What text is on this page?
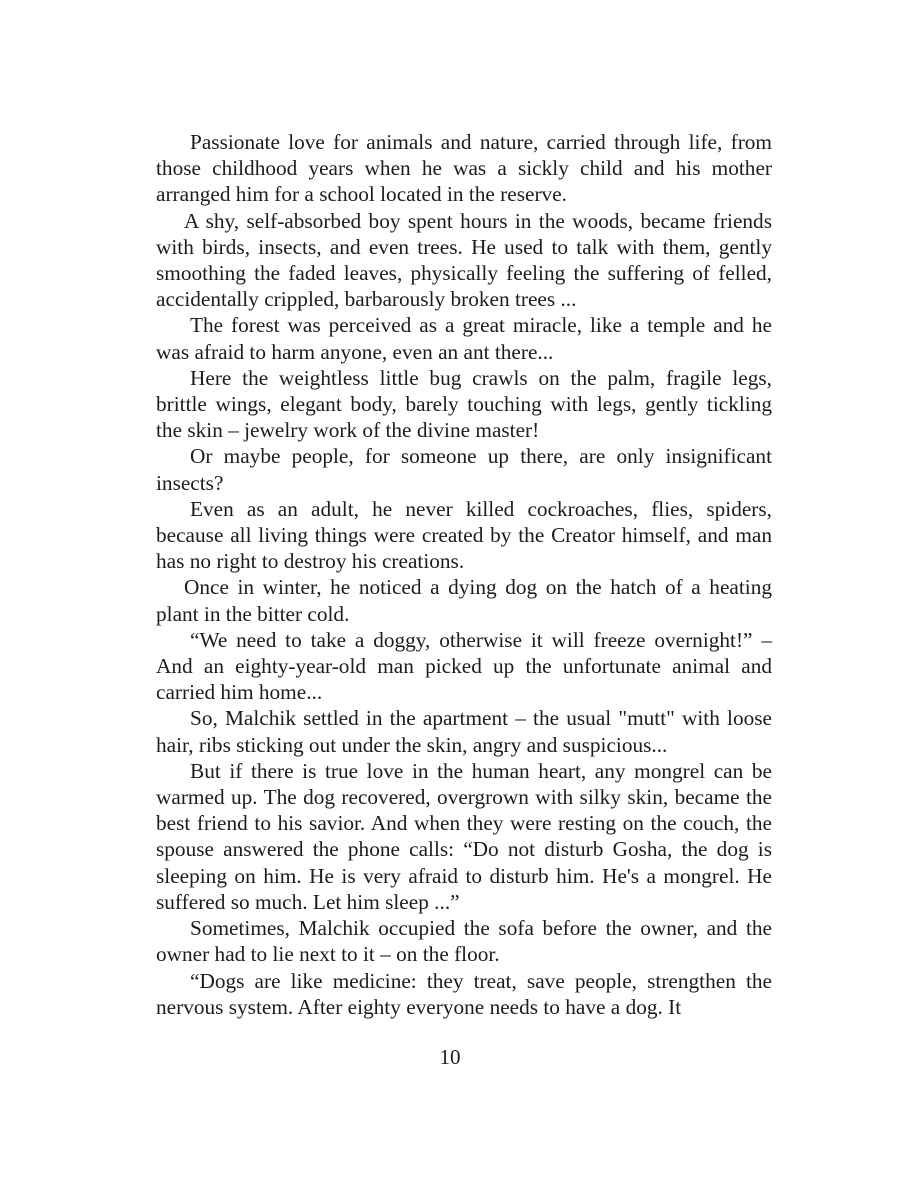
Passionate love for animals and nature, carried through life, from those childhood years when he was a sickly child and his mother arranged him for a school located in the reserve.

A shy, self-absorbed boy spent hours in the woods, became friends with birds, insects, and even trees. He used to talk with them, gently smoothing the faded leaves, physically feeling the suffering of felled, accidentally crippled, barbarously broken trees ...

The forest was perceived as a great miracle, like a temple and he was afraid to harm anyone, even an ant there...

Here the weightless little bug crawls on the palm, fragile legs, brittle wings, elegant body, barely touching with legs, gently tickling the skin – jewelry work of the divine master!

Or maybe people, for someone up there, are only insignificant insects?

Even as an adult, he never killed cockroaches, flies, spiders, because all living things were created by the Creator himself, and man has no right to destroy his creations.

Once in winter, he noticed a dying dog on the hatch of a heating plant in the bitter cold.

“We need to take a doggy, otherwise it will freeze overnight!” – And an eighty-year-old man picked up the unfortunate animal and carried him home...

So, Malchik settled in the apartment – the usual "mutt" with loose hair, ribs sticking out under the skin, angry and suspicious...

But if there is true love in the human heart, any mongrel can be warmed up. The dog recovered, overgrown with silky skin, became the best friend to his savior. And when they were resting on the couch, the spouse answered the phone calls: “Do not disturb Gosha, the dog is sleeping on him. He is very afraid to disturb him. He's a mongrel. He suffered so much. Let him sleep ...”

Sometimes, Malchik occupied the sofa before the owner, and the owner had to lie next to it – on the floor.

“Dogs are like medicine: they treat, save people, strengthen the nervous system. After eighty everyone needs to have a dog. It

10
